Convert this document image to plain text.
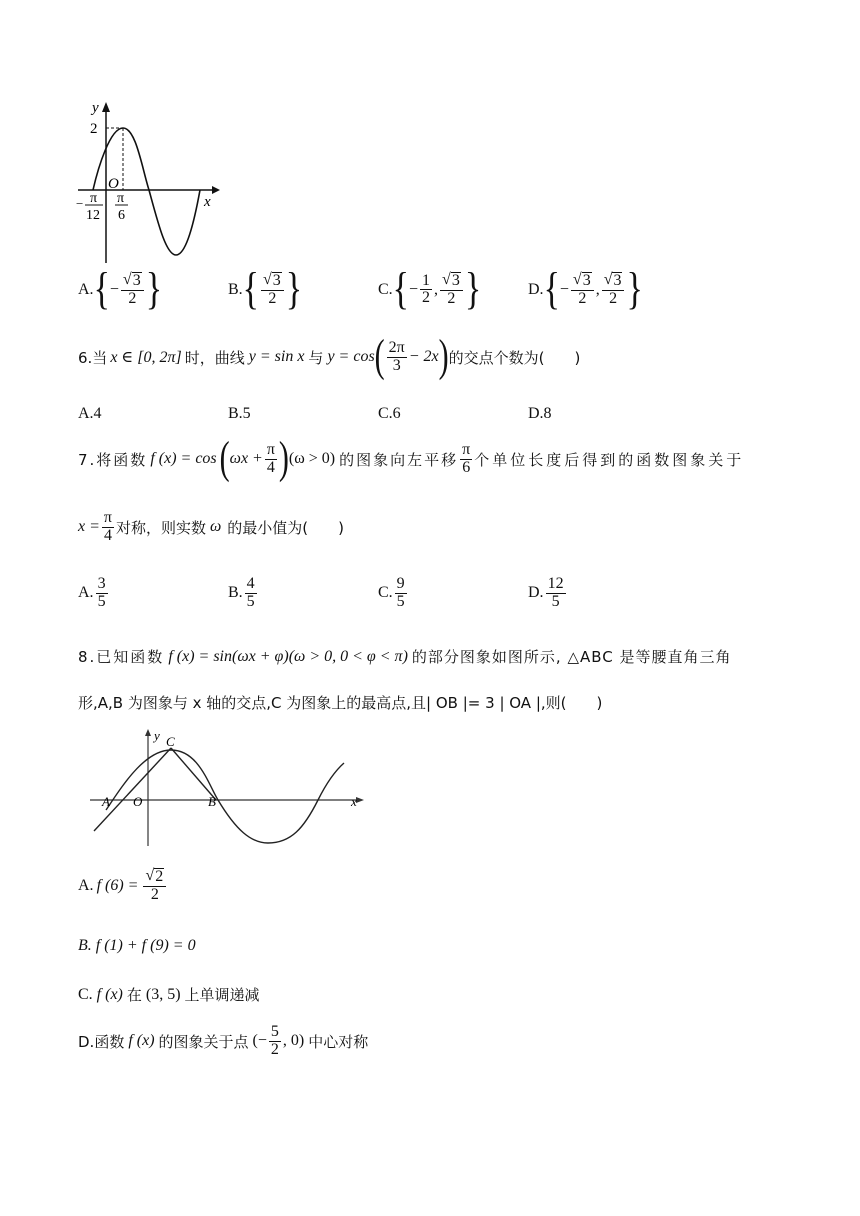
y
2
O
x
− π
12
π
6
A. { − $\frac{√ 3}{2}$ }	B. { $\frac{√ 3}{2}$ }	C. { − $\frac{1}{2}$ , $\frac{√ 3}{2}$ }	D. { − $\frac{√ 3}{2}$ , $\frac{√ 3}{2}$ }
6.当 x ∈ [0, 2π] 时，曲线 y = sin x 与 y = cos ( $\frac{2\pi}{3} - 2x$ ) 的交点个数为(　　)
A.4	B.5	C.6	D.8
7.将函数 f (x) = cos ( $\omega x + \frac{\pi}{4}$ ) (ω > 0) 的图象向左平移 $\frac{\pi}{6}$ 个单位长度后得到的函数图象关于
$x = \frac{\pi}{4}$ 对称，则实数 ω 的最小值为(　　)
A. $\frac{3}{5}$	B. $\frac{4}{5}$	C. $\frac{9}{5}$	D. $\frac{12}{5}$
8.已知函数 f (x) = sin(ωx + φ)(ω > 0, 0 < φ < π) 的部分图象如图所示, △ABC 是等腰直角三角
形,A,B 为图象与 x 轴的交点,C 为图象上的最高点,且| OB |= 3 | OA |,则(　　)
y C
A O	B	x
A. f $(6) = \frac{√ 2}{2}$
B. f (1) + f (9) = 0
C. f (x) 在 (3, 5) 上单调递减
D.函数 f (x) 的图象关于点 (− $\frac{5}{2}$ , 0) 中心对称
